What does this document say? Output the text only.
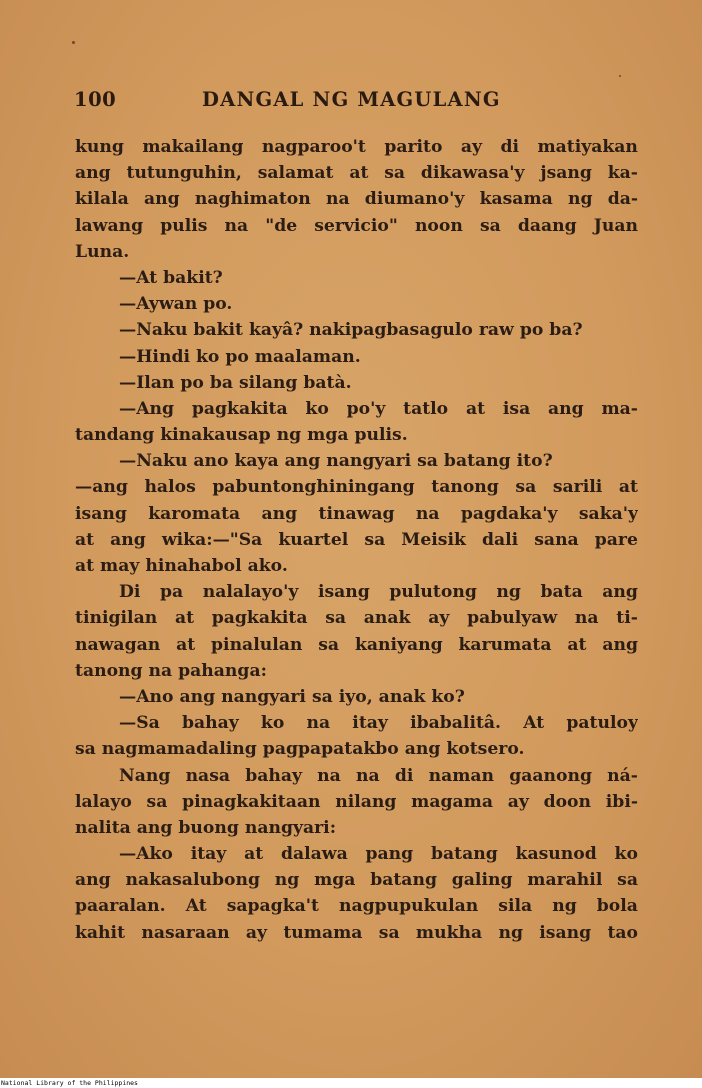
100	DANGAL NG MAGULANG
kung makailang nagparoo't parito ay di matiyakan
ang tutunguhin, salamat at sa dikawasa'y jsang ka-
kilala ang naghimaton na diumano'y kasama ng da-
lawang pulis na "de servicio" noon sa daang Juan
Luna.
—At bakit?
—Aywan po.
—Naku bakit kayâ? nakipagbasagulo raw po ba?
—Hindi ko po maalaman.
—Ilan po ba silang batà.
—Ang pagkakita ko po'y tatlo at isa ang ma-
tandang kinakausap ng mga pulis.
—Naku ano kaya ang nangyari sa batang ito?
—ang halos pabuntonghiningang tanong sa sarili at
isang karomata ang tinawag na pagdaka'y saka'y
at ang wika:—"Sa kuartel sa Meisik dali sana pare
at may hinahabol ako.
Di pa nalalayo'y isang pulutong ng bata ang
tinigilan at pagkakita sa anak ay pabulyaw na ti-
nawagan at pinalulan sa kaniyang karumata at ang
tanong na pahanga:
—Ano ang nangyari sa iyo, anak ko?
—Sa bahay ko na itay ibabalitâ. At patuloy
sa nagmamadaling pagpapatakbo ang kotsero.
Nang nasa bahay na na di naman gaanong ná-
lalayo sa pinagkakitaan nilang magama ay doon ibi-
nalita ang buong nangyari:
—Ako itay at dalawa pang batang kasunod ko
ang nakasalubong ng mga batang galing marahil sa
paaralan. At sapagka't nagpupukulan sila ng bola
kahit nasaraan ay tumama sa mukha ng isang tao
National Library of the Philippines
